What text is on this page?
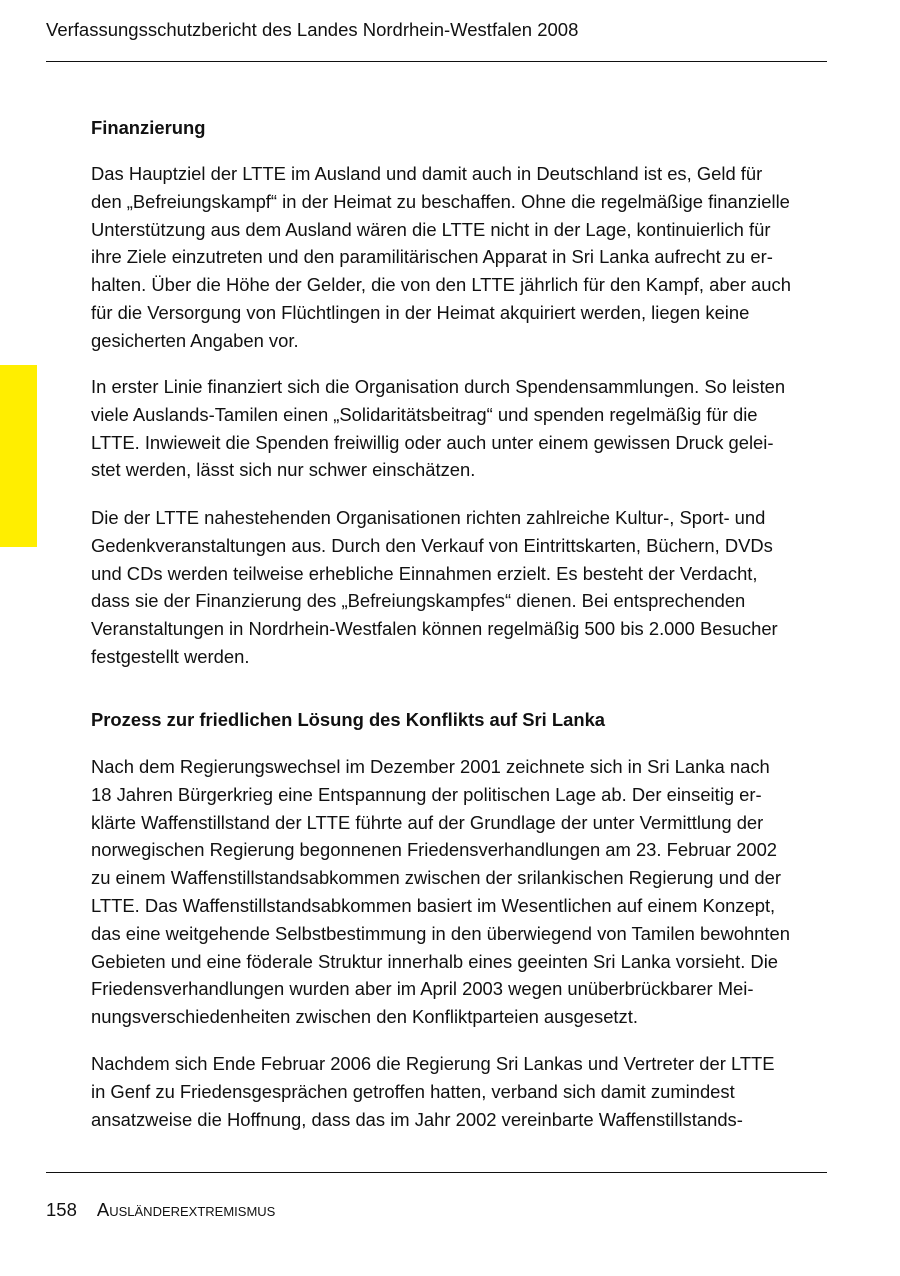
Verfassungsschutzbericht des Landes Nordrhein-Westfalen 2008
Finanzierung
Das Hauptziel der LTTE im Ausland und damit auch in Deutschland ist es, Geld für
den „Befreiungskampf“ in der Heimat zu beschaffen. Ohne die regelmäßige finanzielle
Unterstützung aus dem Ausland wären die LTTE nicht in der Lage, kontinuierlich für
ihre Ziele einzutreten und den paramilitärischen Apparat in Sri Lanka aufrecht zu er-
halten. Über die Höhe der Gelder, die von den LTTE jährlich für den Kampf, aber auch
für die Versorgung von Flüchtlingen in der Heimat akquiriert werden, liegen keine
gesicherten Angaben vor.
In erster Linie finanziert sich die Organisation durch Spendensammlungen. So leisten
viele Auslands-Tamilen einen „Solidaritätsbeitrag“ und spenden regelmäßig für die
LTTE. Inwieweit die Spenden freiwillig oder auch unter einem gewissen Druck gelei-
stet werden, lässt sich nur schwer einschätzen.
Die der LTTE nahestehenden Organisationen richten zahlreiche Kultur-, Sport- und
Gedenkveranstaltungen aus. Durch den Verkauf von Eintrittskarten, Büchern, DVDs
und CDs werden teilweise erhebliche Einnahmen erzielt. Es besteht der Verdacht,
dass sie der Finanzierung des „Befreiungskampfes“ dienen. Bei entsprechenden
Veranstaltungen in Nordrhein-Westfalen können regelmäßig 500 bis 2.000 Besucher
festgestellt werden.
Prozess zur friedlichen Lösung des Konflikts auf Sri Lanka
Nach dem Regierungswechsel im Dezember 2001 zeichnete sich in Sri Lanka nach
18 Jahren Bürgerkrieg eine Entspannung der politischen Lage ab. Der einseitig er-
klärte Waffenstillstand der LTTE führte auf der Grundlage der unter Vermittlung der
norwegischen Regierung begonnenen Friedensverhandlungen am 23. Februar 2002
zu einem Waffenstillstandsabkommen zwischen der srilankischen Regierung und der
LTTE. Das Waffenstillstandsabkommen basiert im Wesentlichen auf einem Konzept,
das eine weitgehende Selbstbestimmung in den überwiegend von Tamilen bewohnten
Gebieten und eine föderale Struktur innerhalb eines geeinten Sri Lanka vorsieht. Die
Friedensverhandlungen wurden aber im April 2003 wegen unüberbrückbarer Mei-
nungsverschiedenheiten zwischen den Konfliktparteien ausgesetzt.
Nachdem sich Ende Februar 2006 die Regierung Sri Lankas und Vertreter der LTTE
in Genf zu Friedensgesprächen getroffen hatten, verband sich damit zumindest
ansatzweise die Hoffnung, dass das im Jahr 2002 vereinbarte Waffenstillstands-
158 Ausländerextremismus
